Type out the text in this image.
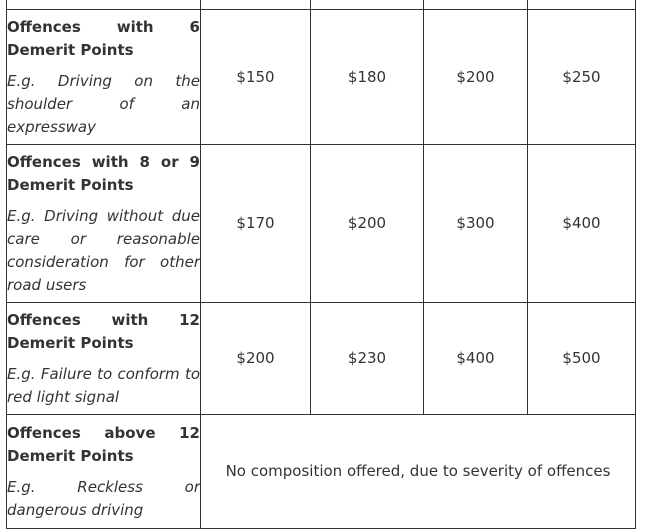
Offences with 6 Demerit Points
E.g. Driving on the shoulder of an expressway	$150	$180	$200	$250

Offences with 8 or 9 Demerit Points
E.g. Driving without due care or reasonable consideration for other road users	$170	$200	$300	$400

Offences with 12 Demerit Points
E.g. Failure to conform to red light signal	$200	$230	$400	$500

Offences above 12 Demerit Points
E.g. Reckless or dangerous driving	No composition offered, due to severity of offences			
